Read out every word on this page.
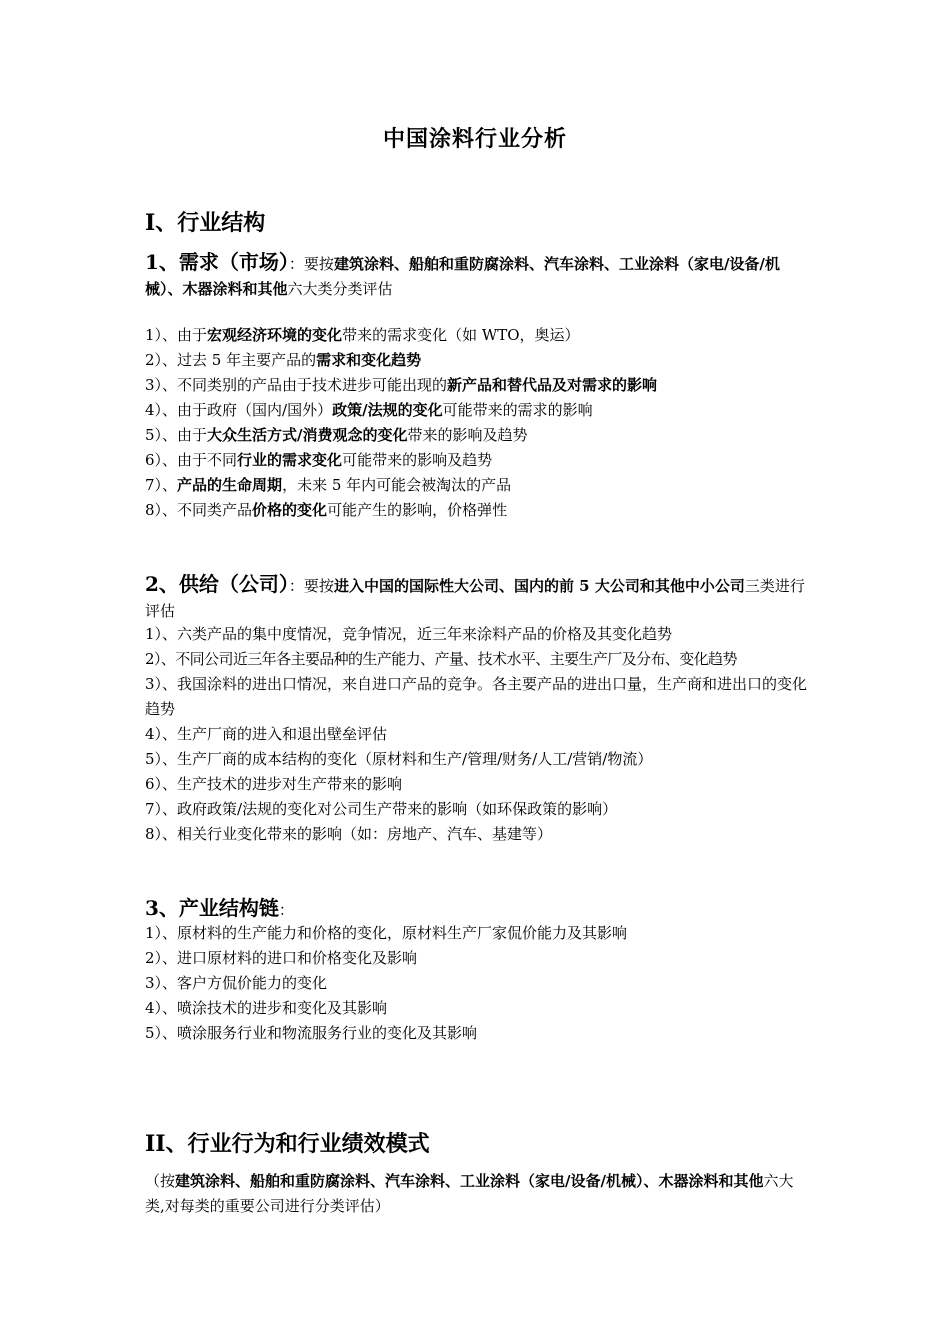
中国涂料行业分析
I、行业结构
1、需求（市场）：要按建筑涂料、船舶和重防腐涂料、汽车涂料、工业涂料（家电/设备/机械）、木器涂料和其他六大类分类评估
1）、由于宏观经济环境的变化带来的需求变化（如 WTO，奥运）
2）、过去 5 年主要产品的需求和变化趋势
3）、不同类别的产品由于技术进步可能出现的新产品和替代品及对需求的影响
4）、由于政府（国内/国外）政策/法规的变化可能带来的需求的影响
5）、由于大众生活方式/消费观念的变化带来的影响及趋势
6）、由于不同行业的需求变化可能带来的影响及趋势
7）、产品的生命周期，未来 5 年内可能会被淘汰的产品
8）、不同类产品价格的变化可能产生的影响，价格弹性
2、供给（公司）：要按进入中国的国际性大公司、国内的前 5 大公司和其他中小公司三类进行评估
1）、六类产品的集中度情况，竞争情况，近三年来涂料产品的价格及其变化趋势
2）、不同公司近三年各主要品种的生产能力、产量、技术水平、主要生产厂及分布、变化趋势
3）、我国涂料的进出口情况，来自进口产品的竞争。各主要产品的进出口量，生产商和进出口的变化趋势
4）、生产厂商的进入和退出壁垒评估
5）、生产厂商的成本结构的变化（原材料和生产/管理/财务/人工/营销/物流）
6）、生产技术的进步对生产带来的影响
7）、政府政策/法规的变化对公司生产带来的影响（如环保政策的影响）
8）、相关行业变化带来的影响（如：房地产、汽车、基建等）
3、产业结构链：
1）、原材料的生产能力和价格的变化，原材料生产厂家侃价能力及其影响
2）、进口原材料的进口和价格变化及影响
3）、客户方侃价能力的变化
4）、喷涂技术的进步和变化及其影响
5）、喷涂服务行业和物流服务行业的变化及其影响
II、行业行为和行业绩效模式
（按建筑涂料、船舶和重防腐涂料、汽车涂料、工业涂料（家电/设备/机械）、木器涂料和其他六大类,对每类的重要公司进行分类评估）
